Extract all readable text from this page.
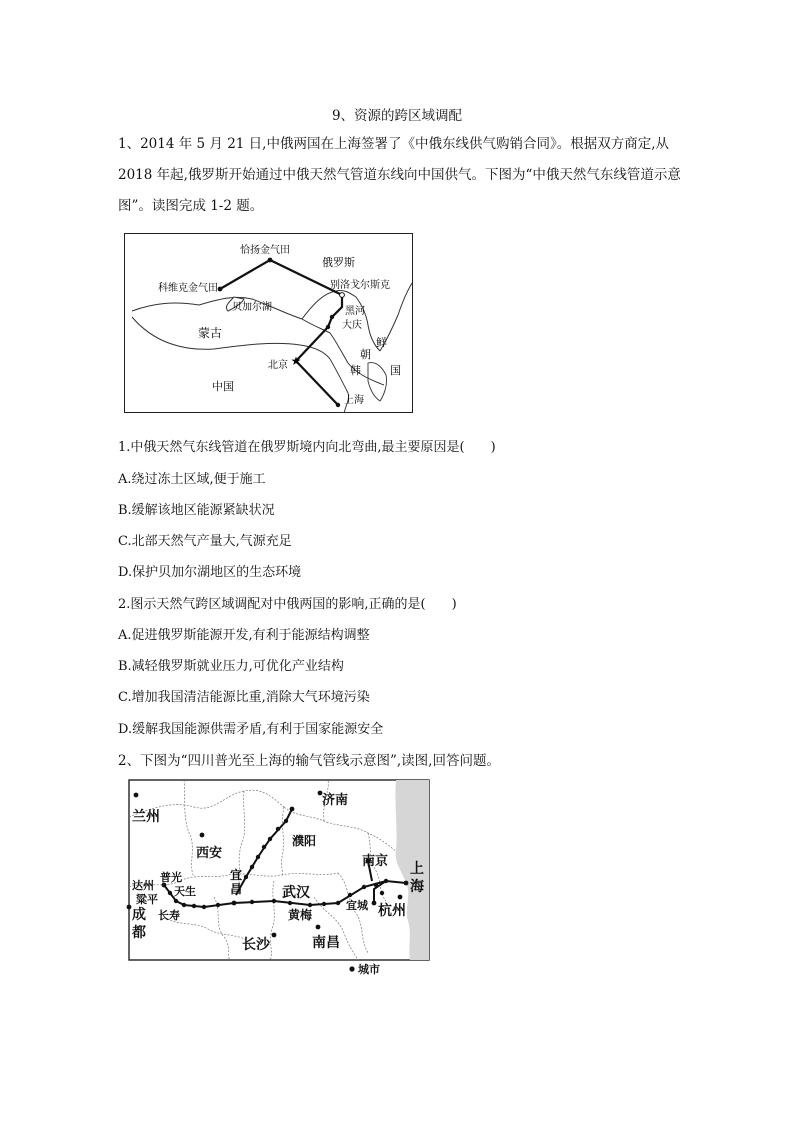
9、资源的跨区域调配
1、2014 年 5 月 21 日,中俄两国在上海签署了《中俄东线供气购销合同》。根据双方商定,从 2018 年起,俄罗斯开始通过中俄天然气管道东线向中国供气。下图为“中俄天然气东线管道示意图”。读图完成 1-2 题。
★
恰扬金气田
俄罗斯
科维克金气田	别洛戈尔斯克
贝加尔湖	黑河
蒙古
大庆
朝
鲜
韩	国
北京
中国
上海
1.中俄天然气东线管道在俄罗斯境内向北弯曲,最主要原因是(　　)
A.绕过冻土区域,便于施工
B.缓解该地区能源紧缺状况
C.北部天然气产量大,气源充足
D.保护贝加尔湖地区的生态环境
2.图示天然气跨区域调配对中俄两国的影响,正确的是(　　)
A.促进俄罗斯能源开发,有利于能源结构调整
B.减轻俄罗斯就业压力,可优化产业结构
C.增加我国清洁能源比重,消除大气环境污染
D.缓解我国能源供需矛盾,有利于国家能源安全
2、下图为“四川普光至上海的输气管线示意图”,读图,回答问题。
兰州
济南
濮阳
西安
南京 上
海
普光
达州 天生
宜
昌	武汉
宜城
粱平
杭州
长寿
成
都
黄梅
长沙	南昌
城市
